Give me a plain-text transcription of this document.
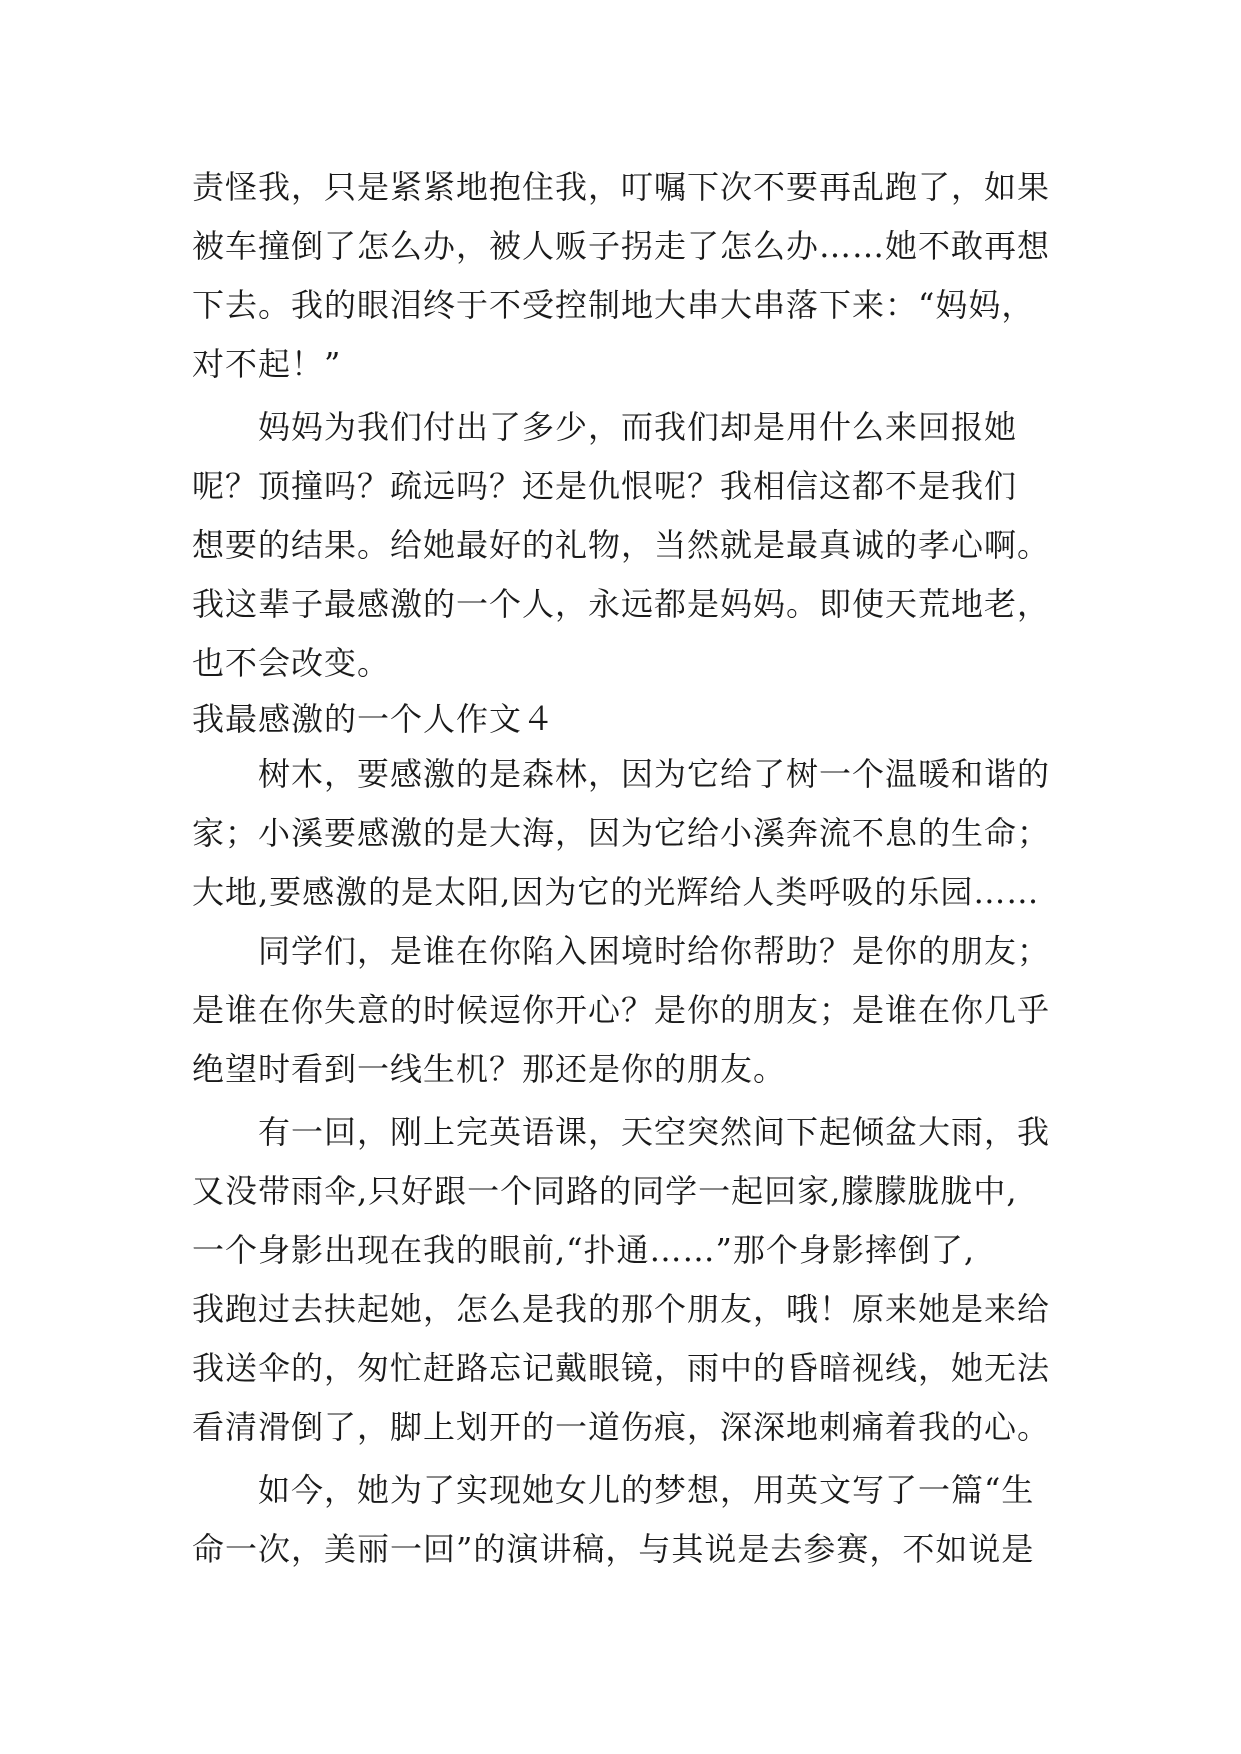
责怪我，只是紧紧地抱住我，叮嘱下次不要再乱跑了，如果
被车撞倒了怎么办，被人贩子拐走了怎么办……她不敢再想
下去。我的眼泪终于不受控制地大串大串落下来：“妈妈，
对不起！”
妈妈为我们付出了多少，而我们却是用什么来回报她
呢？顶撞吗？疏远吗？还是仇恨呢？我相信这都不是我们
想要的结果。给她最好的礼物，当然就是最真诚的孝心啊。
我这辈子最感激的一个人，永远都是妈妈。即使天荒地老，
也不会改变。
我最感激的一个人作文４
树木，要感激的是森林，因为它给了树一个温暖和谐的
家；小溪要感激的是大海，因为它给小溪奔流不息的生命；
大地,要感激的是太阳,因为它的光辉给人类呼吸的乐园……
同学们，是谁在你陷入困境时给你帮助？是你的朋友；
是谁在你失意的时候逗你开心？是你的朋友；是谁在你几乎
绝望时看到一线生机？那还是你的朋友。
有一回，刚上完英语课，天空突然间下起倾盆大雨，我
又没带雨伞,只好跟一个同路的同学一起回家,朦朦胧胧中,
一个身影出现在我的眼前,“扑通……”那个身影摔倒了,
我跑过去扶起她，怎么是我的那个朋友，哦！原来她是来给
我送伞的，匆忙赶路忘记戴眼镜，雨中的昏暗视线，她无法
看清滑倒了，脚上划开的一道伤痕，深深地刺痛着我的心。
如今，她为了实现她女儿的梦想，用英文写了一篇“生
命一次，美丽一回”的演讲稿，与其说是去参赛，不如说是
